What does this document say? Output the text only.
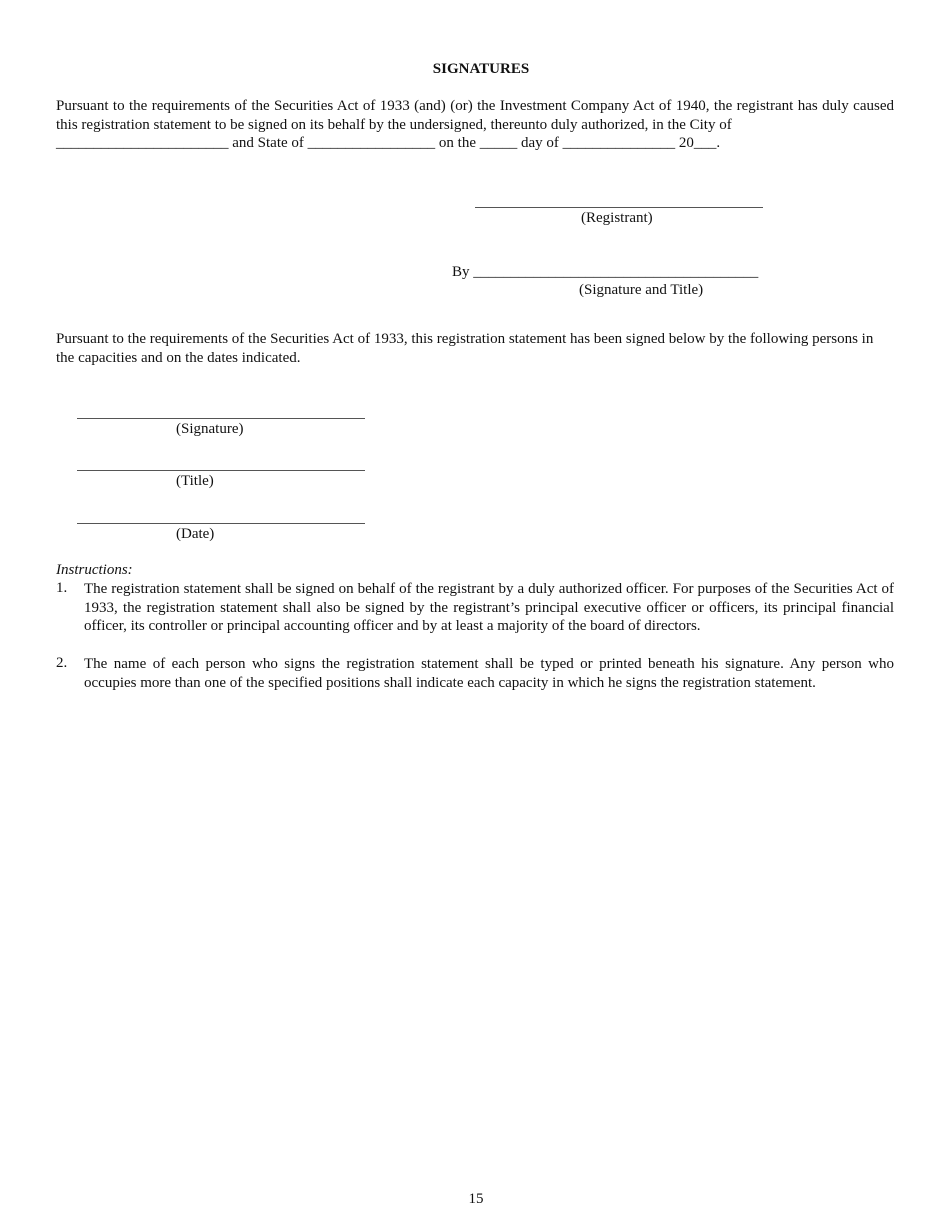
SIGNATURES
Pursuant to the requirements of the Securities Act of 1933 (and) (or) the Investment Company Act of 1940, the registrant has duly caused this registration statement to be signed on its behalf by the undersigned, thereunto duly authorized, in the City of
_______________________ and State of _________________ on the _____ day of _______________ 20___.
(Registrant)
By ______________________________________
(Signature and Title)
Pursuant to the requirements of the Securities Act of 1933, this registration statement has been signed below by the following persons in the capacities and on the dates indicated.
(Signature)
(Title)
(Date)
Instructions:
1.	The registration statement shall be signed on behalf of the registrant by a duly authorized officer. For purposes of the Securities Act of 1933, the registration statement shall also be signed by the registrant’s principal executive officer or officers, its principal financial officer, its controller or principal accounting officer and by at least a majority of the board of directors.
2.	The name of each person who signs the registration statement shall be typed or printed beneath his signature. Any person who occupies more than one of the specified positions shall indicate each capacity in which he signs the registration statement.
15
